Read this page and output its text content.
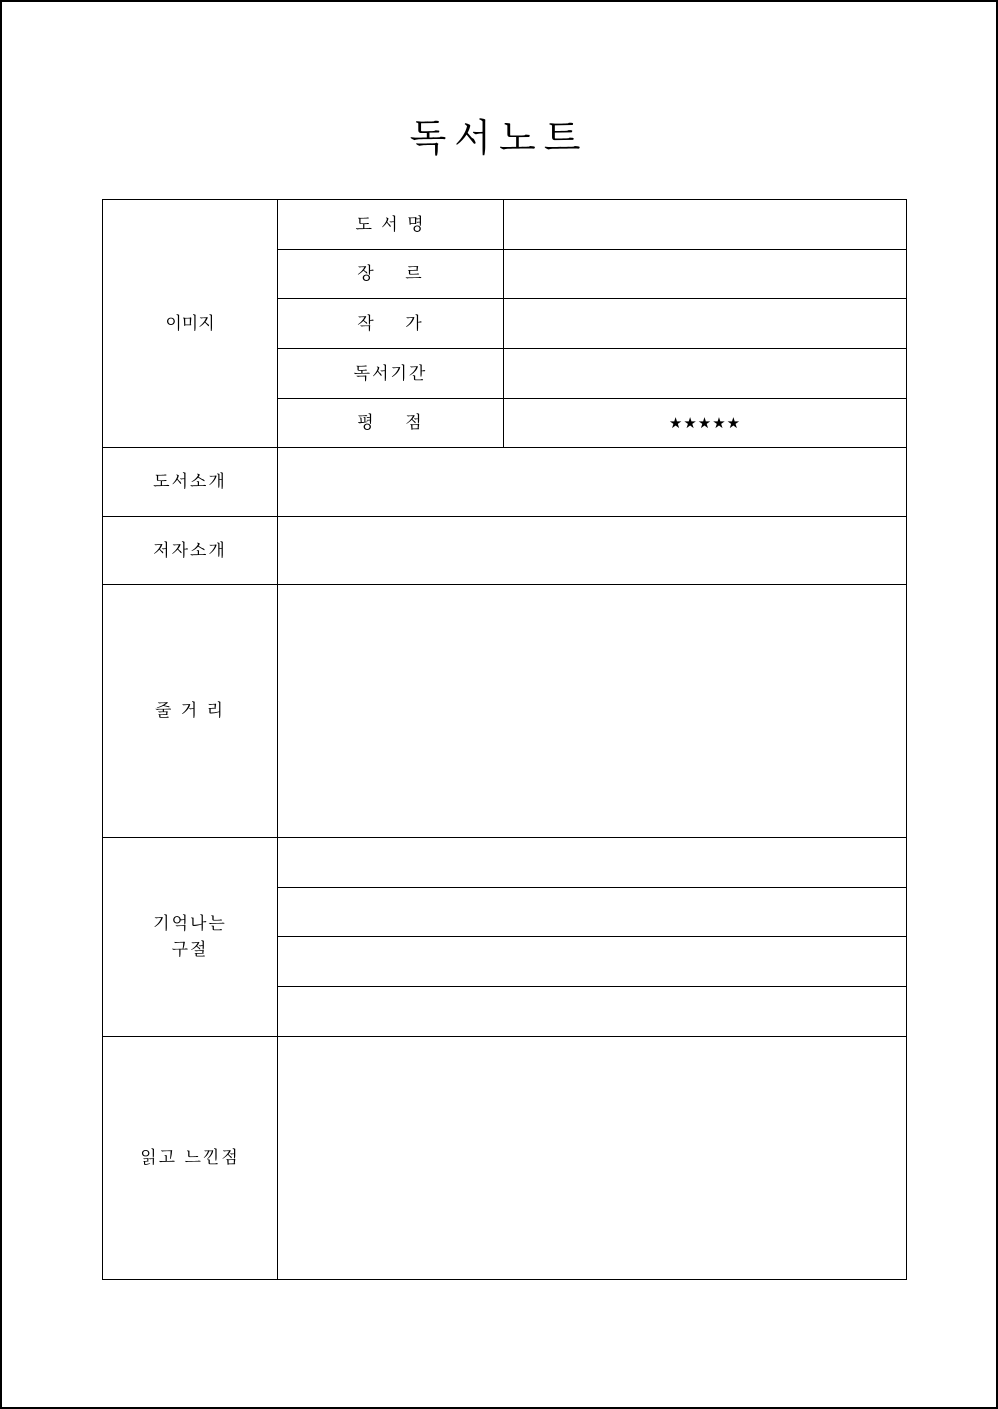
독서노트
이미지	도 서 명	
	장    르	
	작    가	
	독서기간	
	평    점	★★★★★
도서소개		
저자소개		
줄 거 리		
기억나는
구절		

읽고 느낀점		
